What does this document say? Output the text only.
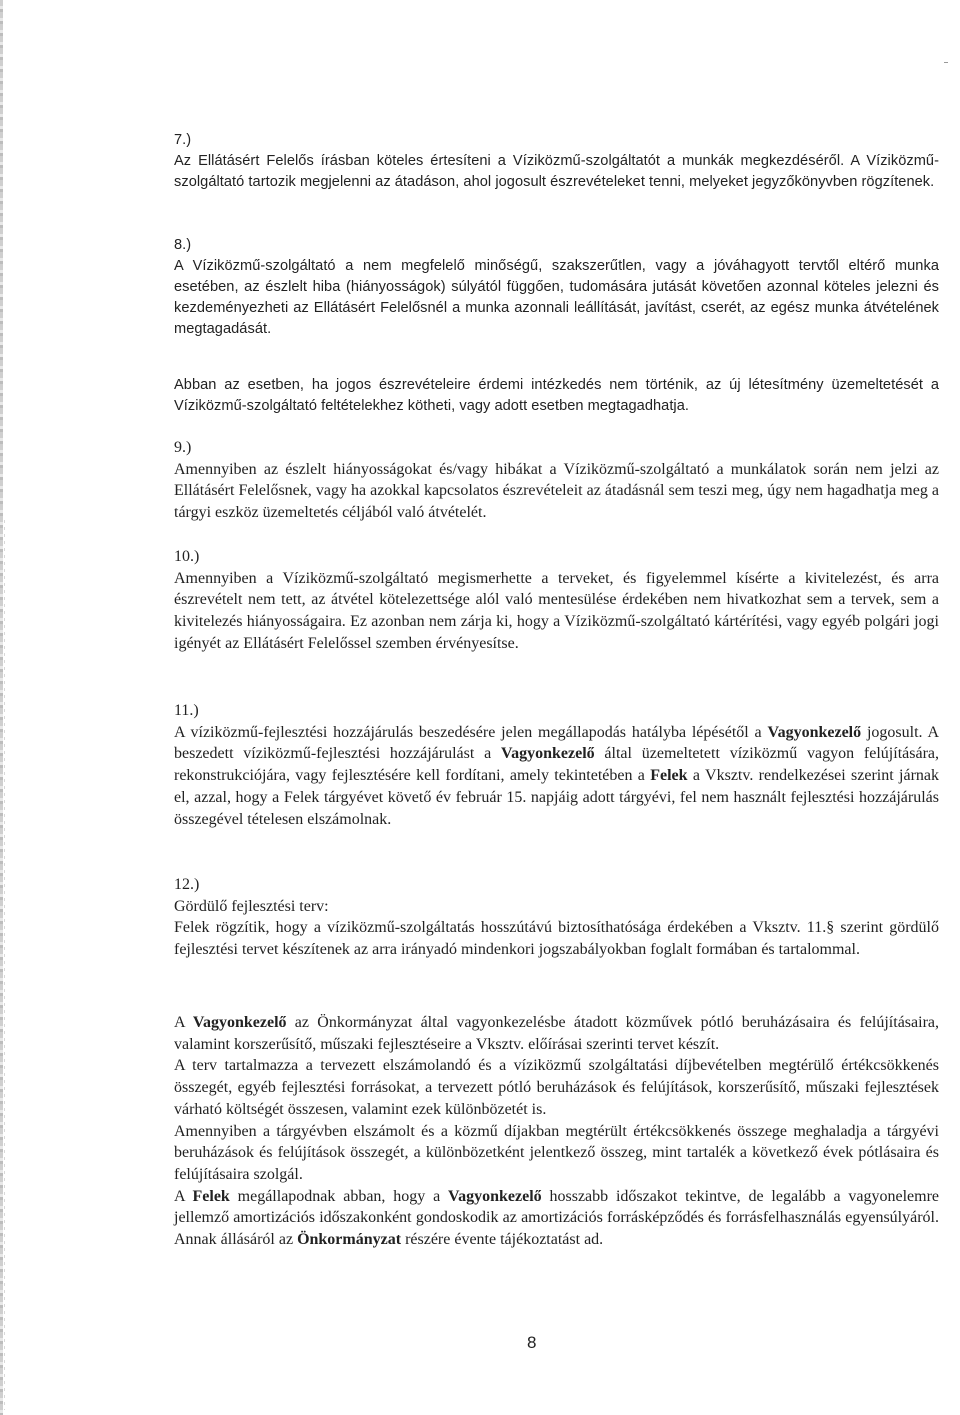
7.)
Az Ellátásért Felelős írásban köteles értesíteni a Víziközmű-szolgáltatót a munkák megkezdéséről. A Víziközmű-szolgáltató tartozik megjelenni az átadáson, ahol jogosult észrevételeket tenni, melyeket jegyzőkönyvben rögzítenek.
8.)
A Víziközmű-szolgáltató a nem megfelelő minőségű, szakszerűtlen, vagy a jóváhagyott tervtől eltérő munka esetében, az észlelt hiba (hiányosságok) súlyától függően, tudomására jutását követően azonnal köteles jelezni és kezdeményezheti az Ellátásért Felelősnél a munka azonnali leállítását, javítást, cserét, az egész munka átvételének megtagadását.
Abban az esetben, ha jogos észrevételeire érdemi intézkedés nem történik, az új létesítmény üzemeltetését a Víziközmű-szolgáltató feltételekhez kötheti, vagy adott esetben megtagadhatja.
9.)
Amennyiben az észlelt hiányosságokat és/vagy hibákat a Víziközmű-szolgáltató a munkálatok során nem jelzi az Ellátásért Felelősnek, vagy ha azokkal kapcsolatos észrevételeit az átadásnál sem teszi meg, úgy nem hagadhatja meg a tárgyi eszköz üzemeltetés céljából való átvételét.
10.)
Amennyiben a Víziközmű-szolgáltató megismerhette a terveket, és figyelemmel kísérte a kivitelezést, és arra észrevételt nem tett, az átvétel kötelezettsége alól való mentesülése érdekében nem hivatkozhat sem a tervek, sem a kivitelezés hiányosságaira. Ez azonban nem zárja ki, hogy a Víziközmű-szolgáltató kártérítési, vagy egyéb polgári jogi igényét az Ellátásért Felelőssel szemben érvényesítse.
11.)
A víziközmű-fejlesztési hozzájárulás beszedésére jelen megállapodás hatályba lépésétől a Vagyonkezelő jogosult. A beszedett víziközmű-fejlesztési hozzájárulást a Vagyonkezelő által üzemeltetett víziközmű vagyon felújítására, rekonstrukciójára, vagy fejlesztésére kell fordítani, amely tekintetében a Felek a Vksztv. rendelkezései szerint járnak el, azzal, hogy a Felek tárgyévet követő év február 15. napjáig adott tárgyévi, fel nem használt fejlesztési hozzájárulás összegével tételesen elszámolnak.
12.)
Gördülő fejlesztési terv:
Felek rögzítik, hogy a víziközmű-szolgáltatás hosszútávú biztosíthatósága érdekében a Vksztv. 11.§ szerint gördülő fejlesztési tervet készítenek az arra irányadó mindenkori jogszabályokban foglalt formában és tartalommal.
A Vagyonkezelő az Önkormányzat által vagyonkezelésbe átadott közművek pótló beruházásaira és felújításaira, valamint korszerűsítő, műszaki fejlesztéseire a Vksztv. előírásai szerinti tervet készít.
A terv tartalmazza a tervezett elszámolandó és a víziközmű szolgáltatási díjbevételben megtérülő értékcsökkenés összegét, egyéb fejlesztési forrásokat, a tervezett pótló beruházások és felújítások, korszerűsítő, műszaki fejlesztések várható költségét összesen, valamint ezek különbözetét is.
Amennyiben a tárgyévben elszámolt és a közmű díjakban megtérült értékcsökkenés összege meghaladja a tárgyévi beruházások és felújítások összegét, a különbözetként jelentkező összeg, mint tartalék a következő évek pótlásaira és felújításaira szolgál.
A Felek megállapodnak abban, hogy a Vagyonkezelő hosszabb időszakot tekintve, de legalább a vagyonelemre jellemző amortizációs időszakonként gondoskodik az amortizációs forrásképződés és forrásfelhasználás egyensúlyáról. Annak állásáról az Önkormányzat részére évente tájékoztatást ad.
8
